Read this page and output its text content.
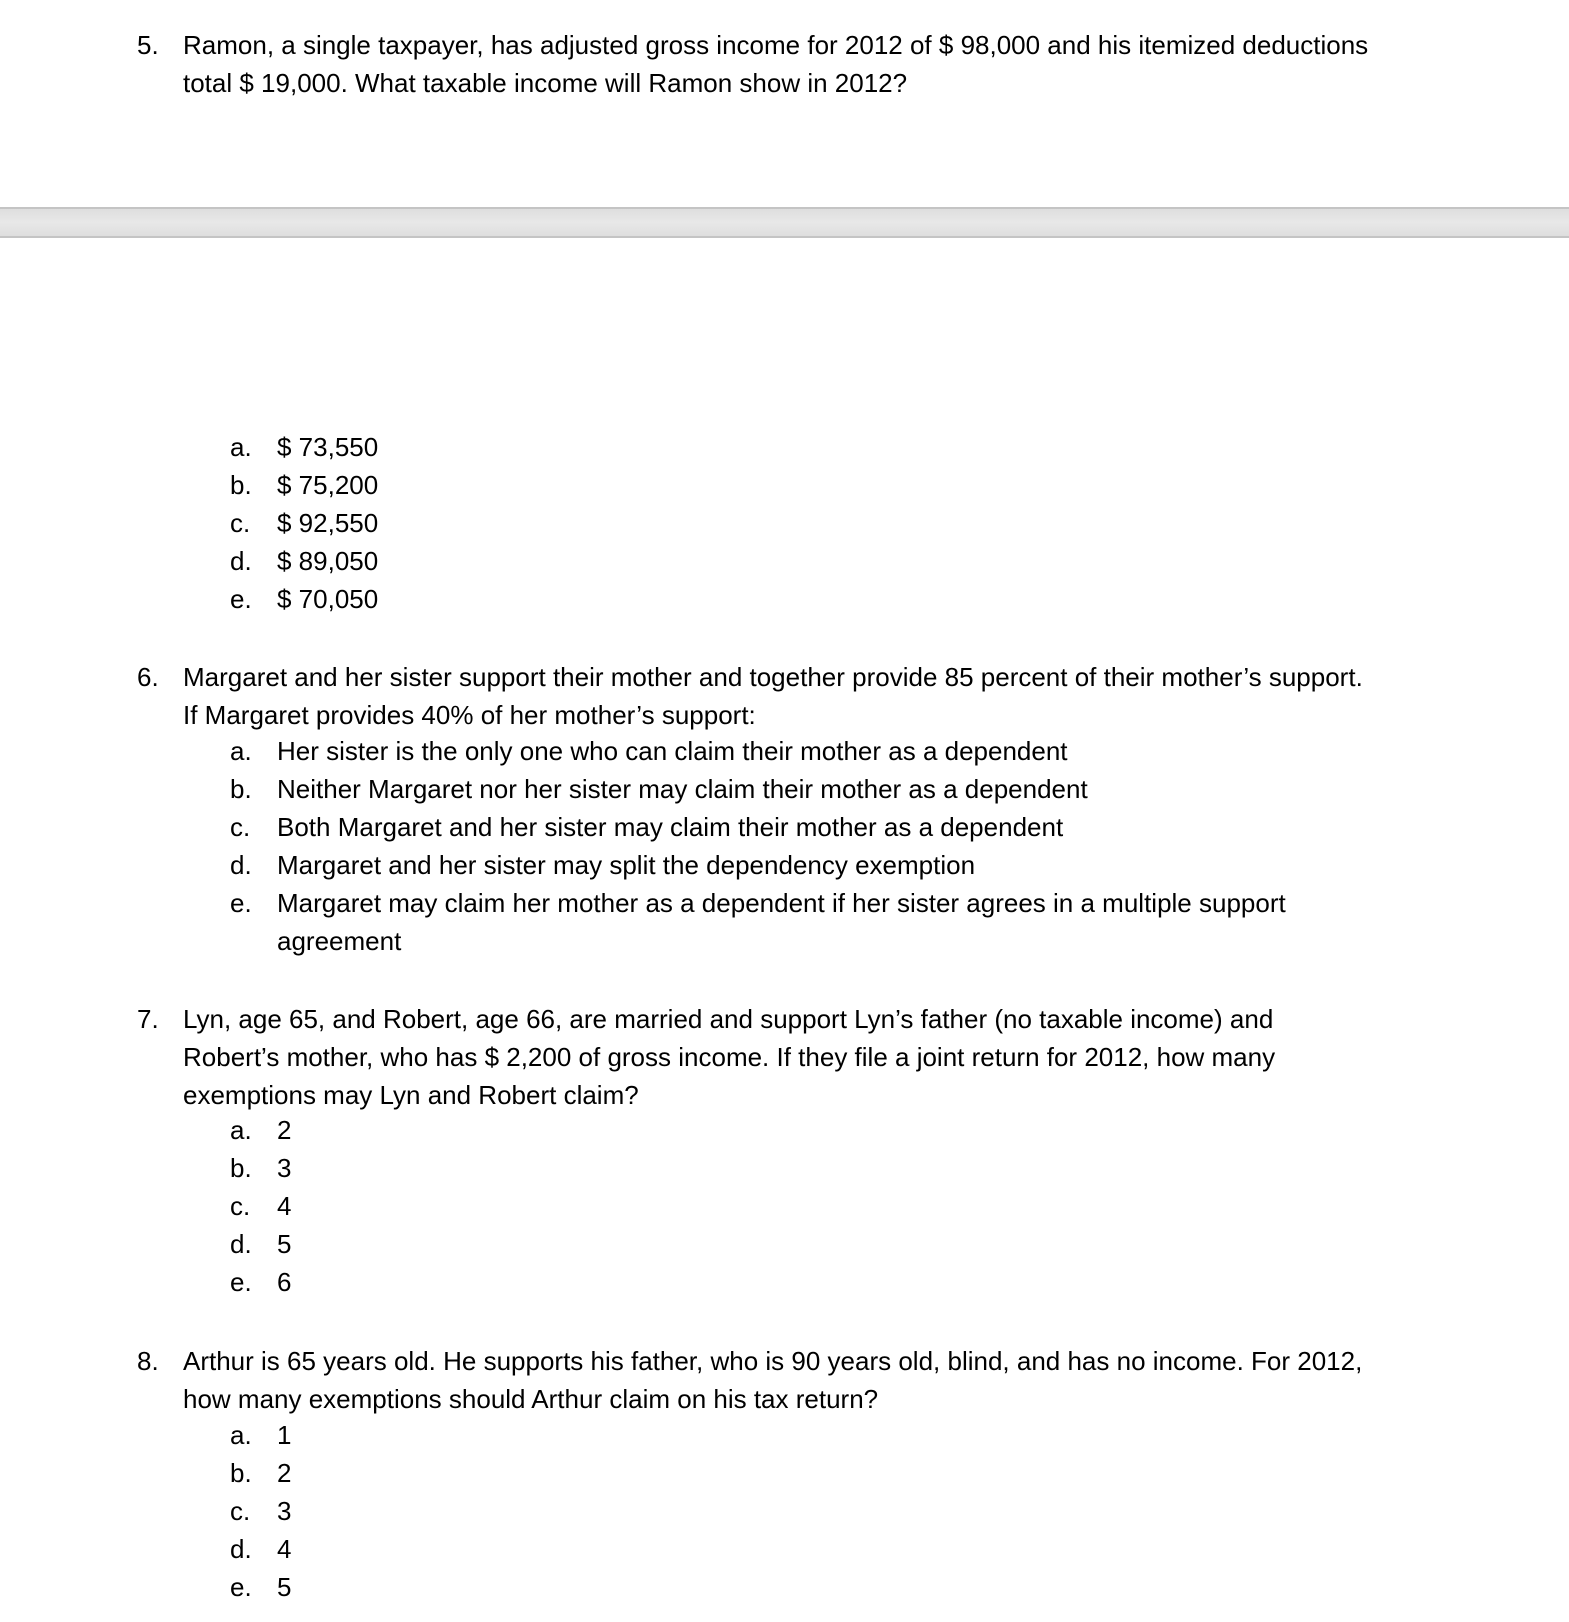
5. Ramon, a single taxpayer, has adjusted gross income for 2012 of $ 98,000 and his itemized deductions
total $ 19,000. What taxable income will Ramon show in 2012?
a. $ 73,550
b. $ 75,200
c. $ 92,550
d. $ 89,050
e. $ 70,050
6. Margaret and her sister support their mother and together provide 85 percent of their mother’s support.
If Margaret provides 40% of her mother’s support:
a. Her sister is the only one who can claim their mother as a dependent
b. Neither Margaret nor her sister may claim their mother as a dependent
c. Both Margaret and her sister may claim their mother as a dependent
d. Margaret and her sister may split the dependency exemption
e. Margaret may claim her mother as a dependent if her sister agrees in a multiple support
agreement
7. Lyn, age 65, and Robert, age 66, are married and support Lyn’s father (no taxable income) and
Robert’s mother, who has $ 2,200 of gross income. If they file a joint return for 2012, how many
exemptions may Lyn and Robert claim?
a. 2
b. 3
c. 4
d. 5
e. 6
8. Arthur is 65 years old. He supports his father, who is 90 years old, blind, and has no income. For 2012,
how many exemptions should Arthur claim on his tax return?
a. 1
b. 2
c. 3
d. 4
e. 5
